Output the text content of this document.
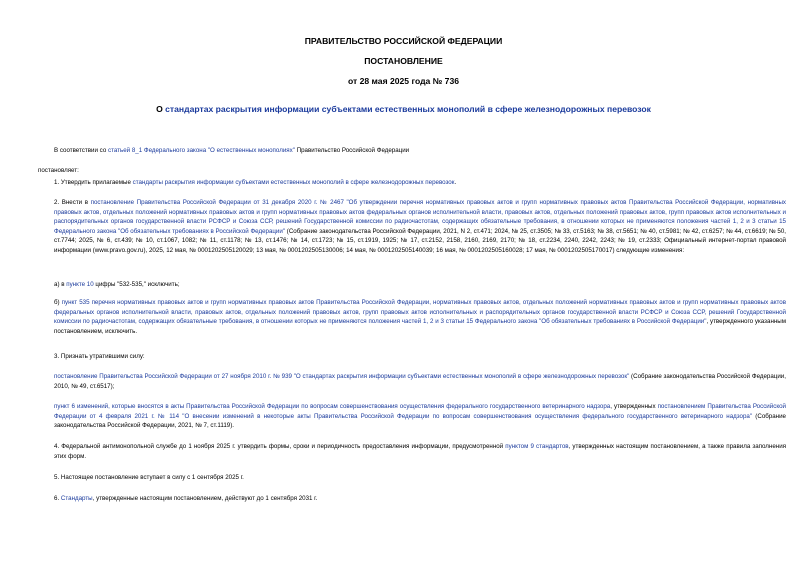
ПРАВИТЕЛЬСТВО РОССИЙСКОЙ ФЕДЕРАЦИИ
ПОСТАНОВЛЕНИЕ
от 28 мая 2025 года № 736
О стандартах раскрытия информации субъектами естественных монополий в сфере железнодорожных перевозок
В соответствии со статьей 8_1 Федерального закона "О естественных монополиях" Правительство Российской Федерации
постановляет:
1. Утвердить прилагаемые стандарты раскрытия информации субъектами естественных монополий в сфере железнодорожных перевозок.
2. Внести в постановление Правительства Российской Федерации от 31 декабря 2020 г. № 2467 "Об утверждении перечня нормативных правовых актов и групп нормативных правовых актов Правительства Российской Федерации, нормативных правовых актов, отдельных положений нормативных правовых актов и групп нормативных правовых актов федеральных органов исполнительной власти, правовых актов, отдельных положений правовых актов, групп правовых актов исполнительных и распорядительных органов государственной власти РСФСР и Союза ССР, решений Государственной комиссии по радиочастотам, содержащих обязательные требования, в отношении которых не применяются положения частей 1, 2 и 3 статьи 15 Федерального закона "Об обязательных требованиях в Российской Федерации" (Собрание законодательства Российской Федерации, 2021, N 2, ст.471; 2024, № 25, ст.3505; № 33, ст.5163; № 38, ст.5651; № 40, ст.5981; № 42, ст.6257; № 44, ст.6619; № 50, ст.7744; 2025, № 6, ст.439; № 10, ст.1067, 1082; № 11, ст.1178; № 13, ст.1476; № 14, ст.1723; № 15, ст.1919, 1925; № 17, ст.2152, 2158, 2160, 2169, 2170; № 18, ст.2234, 2240, 2242, 2243; № 19, ст.2333; Официальный интернет-портал правовой информации (www.pravo.gov.ru), 2025, 12 мая, № 0001202505120029; 13 мая, № 0001202505130006; 14 мая, № 0001202505140039; 16 мая, № 0001202505160028; 17 мая, № 0001202505170017) следующие изменения:
а) в пункте 10 цифры "532-535," исключить;
б) пункт 535 перечня нормативных правовых актов и групп нормативных правовых актов Правительства Российской Федерации, нормативных правовых актов, отдельных положений нормативных правовых актов и групп нормативных правовых актов федеральных органов исполнительной власти, правовых актов, отдельных положений правовых актов, групп правовых актов исполнительных и распорядительных органов государственной власти РСФСР и Союза ССР, решений Государственной комиссии по радиочастотам, содержащих обязательные требования, в отношении которых не применяются положения частей 1, 2 и 3 статьи 15 Федерального закона "Об обязательных требованиях в Российской Федерации", утвержденного указанным постановлением, исключить.
3. Признать утратившими силу:
постановление Правительства Российской Федерации от 27 ноября 2010 г. № 939 "О стандартах раскрытия информации субъектами естественных монополий в сфере железнодорожных перевозок" (Собрание законодательства Российской Федерации, 2010, № 49, ст.6517);
пункт 6 изменений, которые вносятся в акты Правительства Российской Федерации по вопросам совершенствования осуществления федерального государственного ветеринарного надзора, утвержденных постановлением Правительства Российской Федерации от 4 февраля 2021 г. № 114 "О внесении изменений в некоторые акты Правительства Российской Федерации по вопросам совершенствования осуществления федерального государственного ветеринарного надзора" (Собрание законодательства Российской Федерации, 2021, № 7, ст.1119).
4. Федеральной антимонопольной службе до 1 ноября 2025 г. утвердить формы, сроки и периодичность предоставления информации, предусмотренной пунктом 9 стандартов, утвержденных настоящим постановлением, а также правила заполнения этих форм.
5. Настоящее постановление вступает в силу с 1 сентября 2025 г.
6. Стандарты, утвержденные настоящим постановлением, действуют до 1 сентября 2031 г.
